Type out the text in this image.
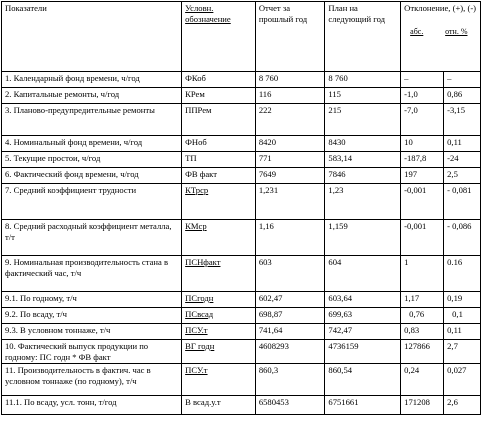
Показатели	Условн. обозначение	Отчет за прошлый год	План на следующий год	Отклонение, (+), (-)
абс. отн. %	

1. Календарный фонд времени, ч/год	ФКоб	8 760	8 760	–	–
2. Капитальные ремонты, ч/год	КРем	116	115	-1,0	0,86
3. Планово-предупредительные ремонты	ППРем	222	215	-7,0	-3,15
4. Номинальный фонд времени, ч/год	ФНоб	8420	8430	10	0,11
5. Текущие простои, ч/год	ТП	771	583,14	-187,8	-24
6. Фактический фонд времени, ч/год	ФВ факт	7649	7846	197	2,5
7. Средний коэффициент трудности	КТрср	1,231	1,23	-0,001	- 0,081
8. Средний расходный коэффициент металла, т/т	КМср	1,16	1,159	-0,001	- 0,086
9. Номинальная производительность стана в фактический час, т/ч	ПСНфакт	603	604	1	0.16
9.1. По годному, т/ч	ПСгодн	602,47	603,64	1,17	0,19
9.2. По всаду, т/ч	ПСвсад	698,87	699,63	0,76	0,1
9.3. В условном тоннаже, т/ч	ПСУ.т	741,64	742,47	0,83	0,11
10. Фактический выпуск продукции по годному: ПС годн * ФВ факт	ВГ годн	4608293	4736159	127866	2,7
11. Производительность в фактич. час в условном тоннаже (по годному), т/ч	ПСУ.т	860,3	860,54	0,24	0,027
11.1. По всаду, усл. тонн, т/год	В всад.у.т	6580453	6751661	171208	2,6
